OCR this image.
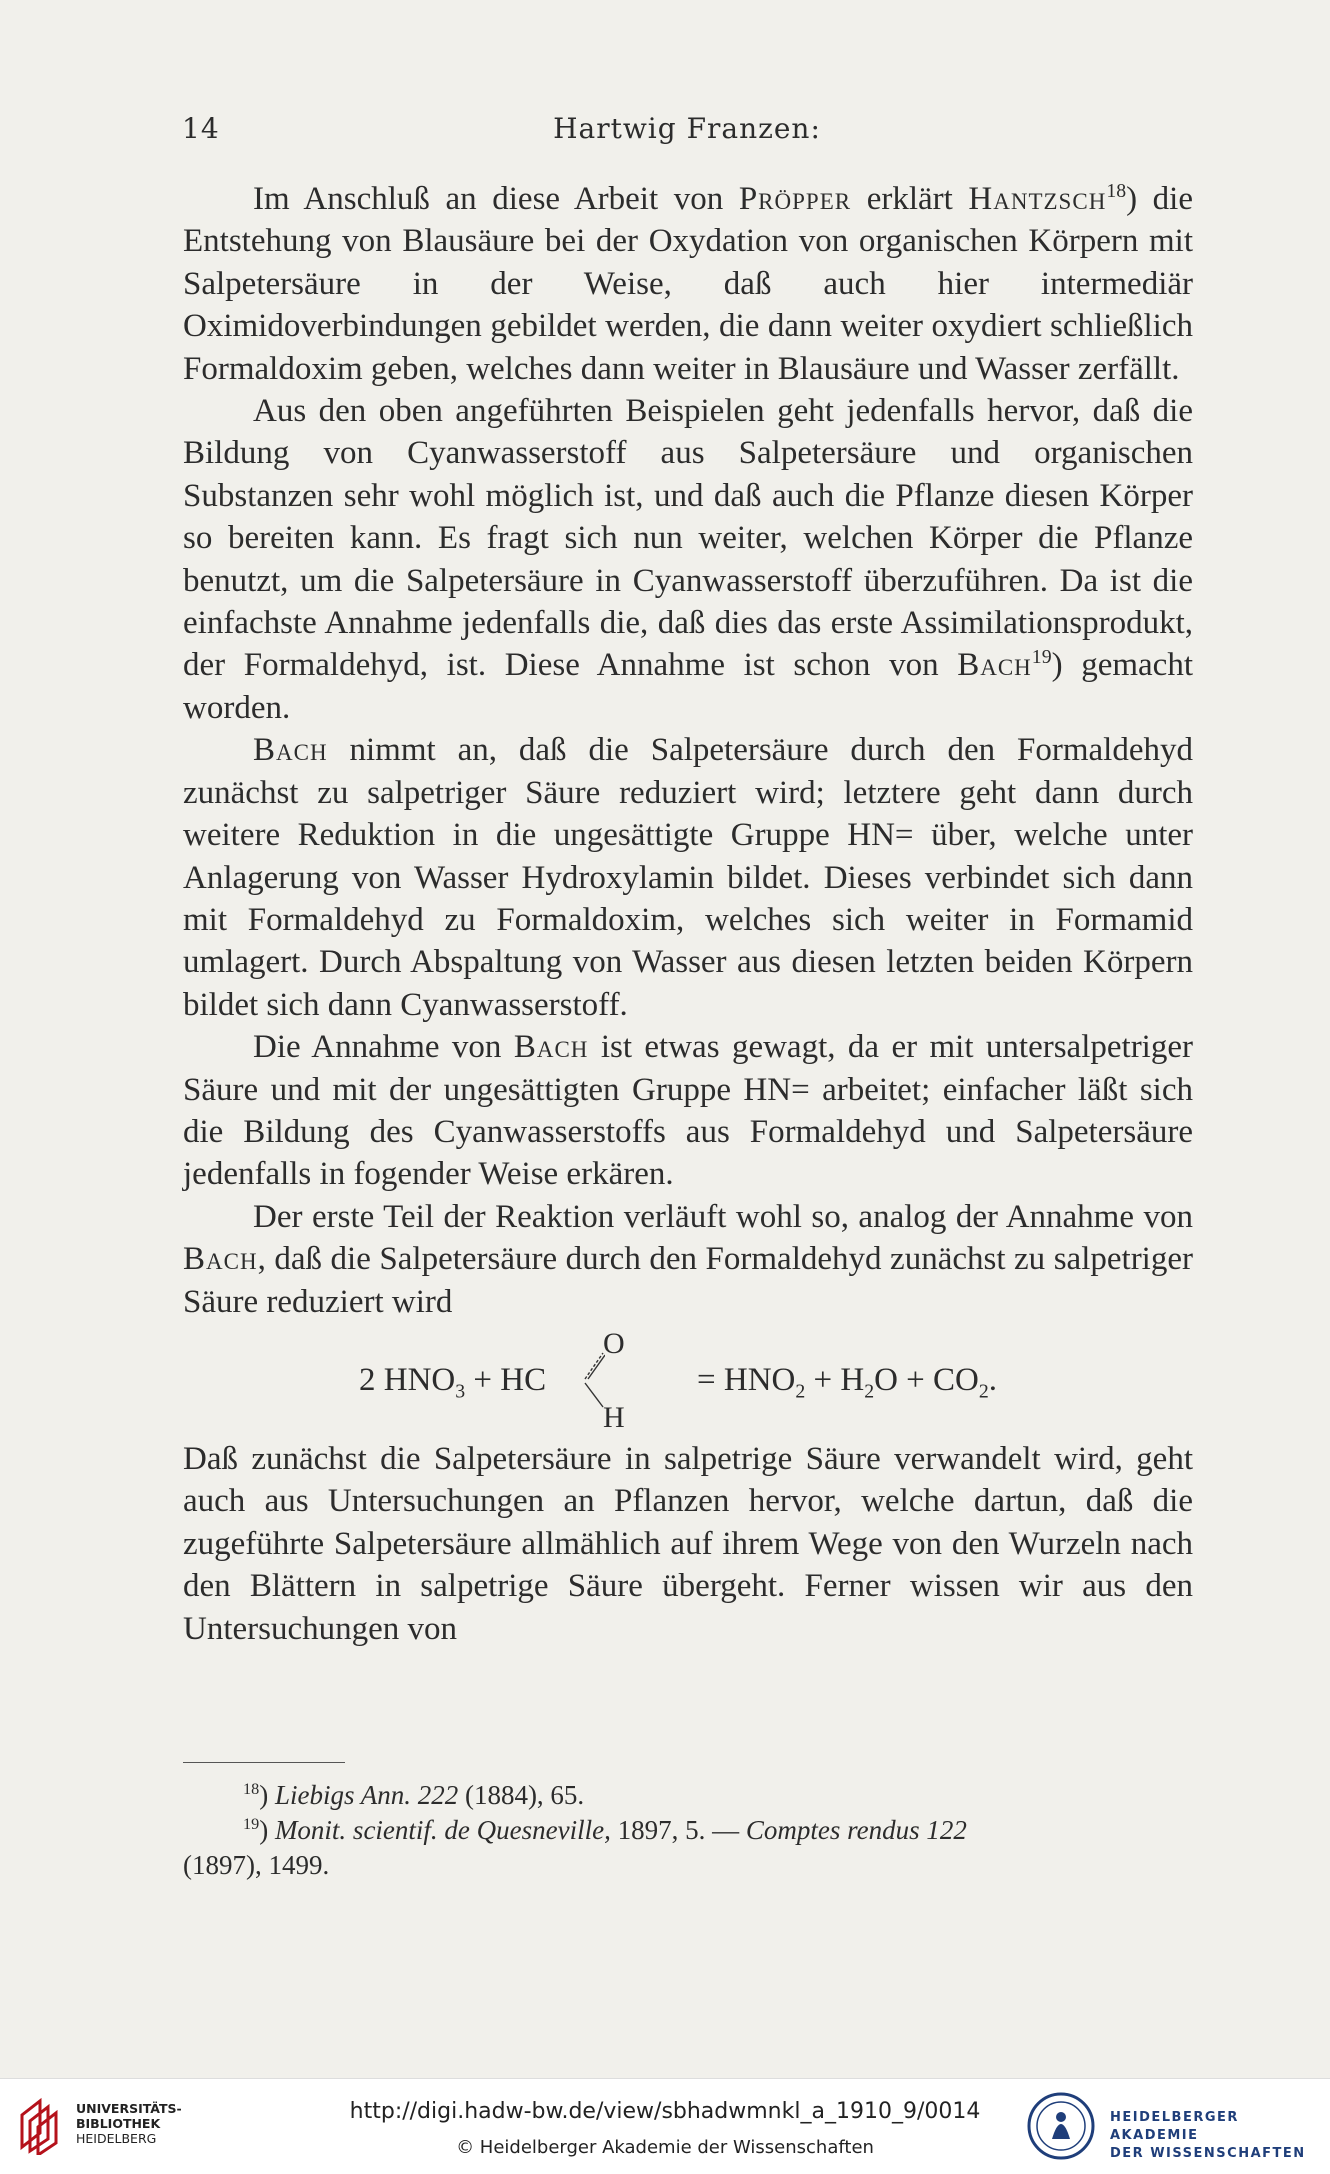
14	Hartwig Franzen:

Im Anschluß an diese Arbeit von Pröpper erklärt Hantzsch$^{18}$) die Entstehung von Blausäure bei der Oxydation von organischen Körpern mit Salpetersäure in der Weise, daß auch hier intermediär Oximidoverbindungen gebildet werden, die dann weiter oxydiert schließlich Formaldoxim geben, welches dann weiter in Blausäure und Wasser zerfällt.

Aus den oben angeführten Beispielen geht jedenfalls hervor, daß die Bildung von Cyanwasserstoff aus Salpetersäure und organischen Substanzen sehr wohl möglich ist, und daß auch die Pflanze diesen Körper so bereiten kann. Es fragt sich nun weiter, welchen Körper die Pflanze benutzt, um die Salpetersäure in Cyanwasserstoff überzuführen. Da ist die einfachste Annahme jedenfalls die, daß dies das erste Assimilationsprodukt, der Formaldehyd, ist. Diese Annahme ist schon von Bach$^{19}$) gemacht worden.

Bach nimmt an, daß die Salpetersäure durch den Formaldehyd zunächst zu salpetriger Säure reduziert wird; letztere geht dann durch weitere Reduktion in die ungesättigte Gruppe HN= über, welche unter Anlagerung von Wasser Hydroxylamin bildet. Dieses verbindet sich dann mit Formaldehyd zu Formaldoxim, welches sich weiter in Formamid umlagert. Durch Abspaltung von Wasser aus diesen letzten beiden Körpern bildet sich dann Cyanwasserstoff.

Die Annahme von Bach ist etwas gewagt, da er mit untersalpetriger Säure und mit der ungesättigten Gruppe HN= arbeitet; einfacher läßt sich die Bildung des Cyanwasserstoffs aus Formaldehyd und Salpetersäure jedenfalls in fogender Weise erkären.

Der erste Teil der Reaktion verläuft wohl so, analog der Annahme von Bach, daß die Salpetersäure durch den Formaldehyd zunächst zu salpetriger Säure reduziert wird

2 $HNO_3$ + HC
O
H
= $HNO_2 + H_2O + CO_2$.

Daß zunächst die Salpetersäure in salpetrige Säure verwandelt wird, geht auch aus Untersuchungen an Pflanzen hervor, welche dartun, daß die zugeführte Salpetersäure allmählich auf ihrem Wege von den Wurzeln nach den Blättern in salpetrige Säure übergeht. Ferner wissen wir aus den Untersuchungen von

$^{18}$) Liebigs Ann. 222 (1884), 65.

$^{19}$) Monit. scientif. de Quesneville, 1897, 5. — Comptes rendus 122
(1897), 1499.

UNIVERSITÄTS-
BIBLIOTHEK
HEIDELBERG
http://digi.hadw-bw.de/view/sbhadwmnkl_a_1910_9/0014
© Heidelberger Akademie der Wissenschaften
HEIDELBERGER AKADEMIE
DER WISSENSCHAFTEN
